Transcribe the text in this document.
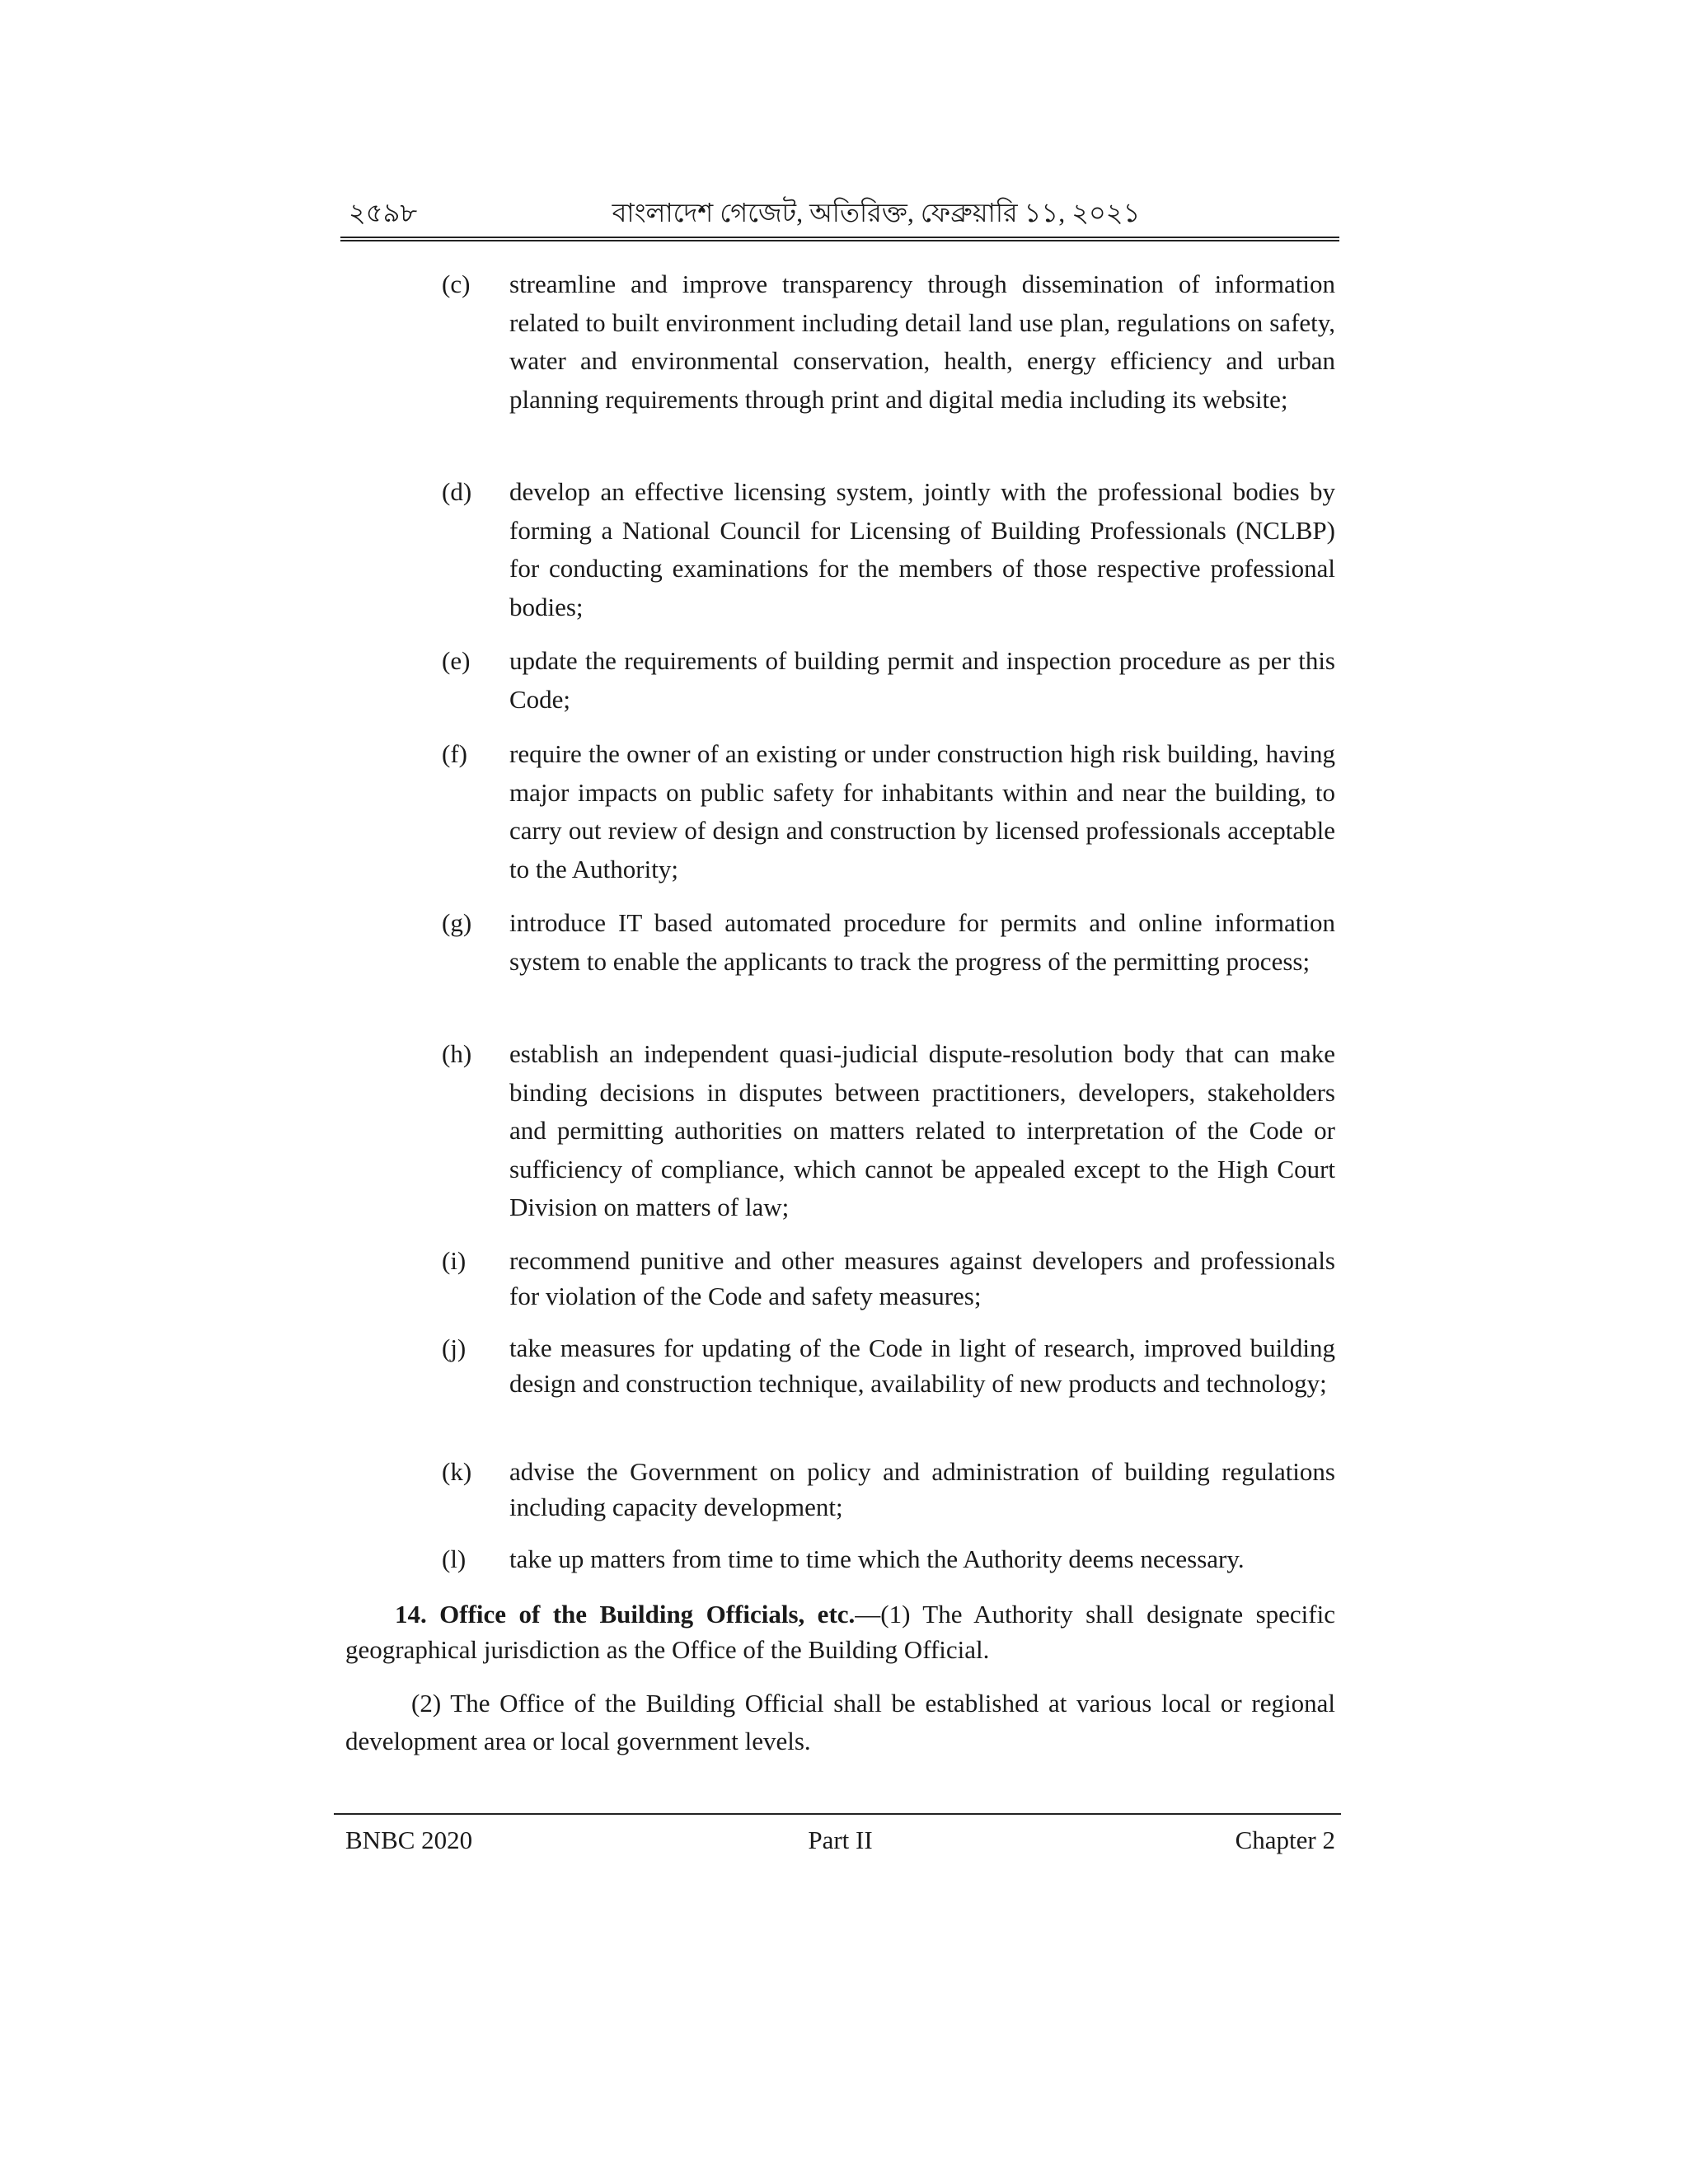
২৫৯৮	বাংলাদেশ গেজেট, অতিরিক্ত, ফেব্রুয়ারি ১১, ২০২১
(c)	streamline and improve transparency through dissemination of information related to built environment including detail land use plan, regulations on safety, water and environmental conservation, health, energy efficiency and urban planning requirements through print and digital media including its website;
(d)	develop an effective licensing system, jointly with the professional bodies by forming a National Council for Licensing of Building Professionals (NCLBP) for conducting examinations for the members of those respective professional bodies;
(e)	update the requirements of building permit and inspection procedure as per this Code;
(f)	require the owner of an existing or under construction high risk building, having major impacts on public safety for inhabitants within and near the building, to carry out review of design and construction by licensed professionals acceptable to the Authority;
(g)	introduce IT based automated procedure for permits and online information system to enable the applicants to track the progress of the permitting process;
(h)	establish an independent quasi-judicial dispute-resolution body that can make binding decisions in disputes between practitioners, developers, stakeholders and permitting authorities on matters related to interpretation of the Code or sufficiency of compliance, which cannot be appealed except to the High Court Division on matters of law;
(i)	recommend punitive and other measures against developers and professionals for violation of the Code and safety measures;
(j)	take measures for updating of the Code in light of research, improved building design and construction technique, availability of new products and technology;
(k)	advise the Government on policy and administration of building regulations including capacity development;
(l)	take up matters from time to time which the Authority deems necessary.
14. Office of the Building Officials, etc.—(1) The Authority shall designate specific geographical jurisdiction as the Office of the Building Official.
(2) The Office of the Building Official shall be established at various local or regional development area or local government levels.
Part II
BNBC 2020	Chapter 2
